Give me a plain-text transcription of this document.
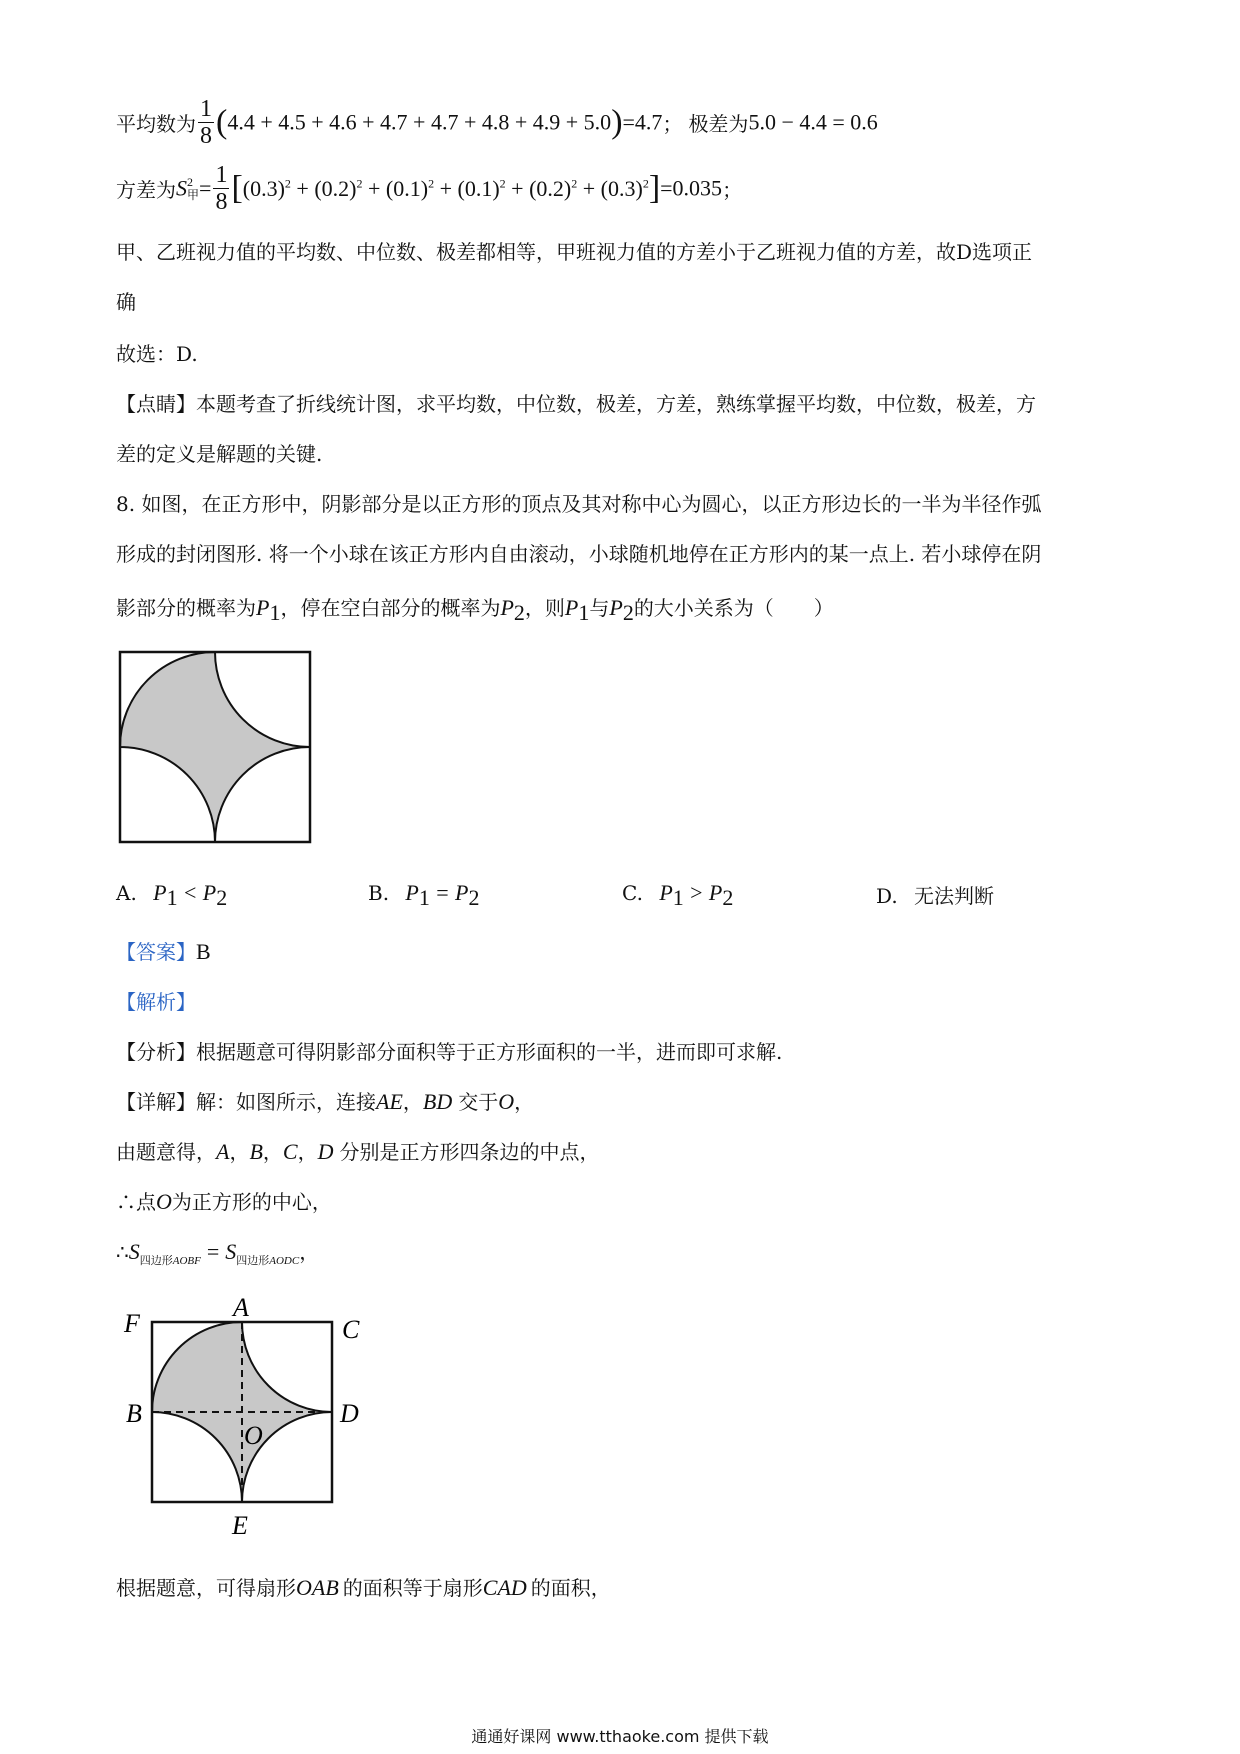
平均数为 $\frac{1}{8} (4.4 + 4.5 + 4.6 + 4.7 + 4.7 + 4.8 + 4.9 + 5.0)=4.7$； 极差为5.0 − 4.4 = 0.6
方差为S 2
甲 = $\frac{1}{8} [(0.3)^2 + (0.2)^2 + (0.1)^2 + (0.1)^2 + (0.2)^2 + (0.3)^2]=0.035$；
甲、乙班视力值的平均数、中位数、极差都相等，甲班视力值的方差小于乙班视力值的方差，故D选项正
确
故选：D.
【点睛】本题考查了折线统计图，求平均数，中位数，极差，方差，熟练掌握平均数，中位数，极差，方
差的定义是解题的关键.
8. 如图，在正方形中，阴影部分是以正方形的顶点及其对称中心为圆心，以正方形边长的一半为半径作弧
形成的封闭图形. 将一个小球在该正方形内自由滚动，小球随机地停在正方形内的某一点上. 若小球停在阴
影部分的概率为$P_1$，停在空白部分的概率为$P_2$，则$P_1$与$P_2$的大小关系为（　　）
A. $P_1 < P_2$	B. $P_1 = P_2$	C. $P_1 > P_2$	D. 无法判断
【答案】B
【解析】
【分析】根据题意可得阴影部分面积等于正方形面积的一半，进而即可求解.
【详解】解：如图所示，连接AE，BD 交于O，
由题意得，A，B，C，D 分别是正方形四条边的中点，
∴点O为正方形的中心，
$\therefore S_{四边形AOBF} = S_{四边形AODC}$，
F
A
C
B	D
O
E
根据题意，可得扇形OAB 的面积等于扇形CAD 的面积，
通通好课网 www.tthaoke.com 提供下载
